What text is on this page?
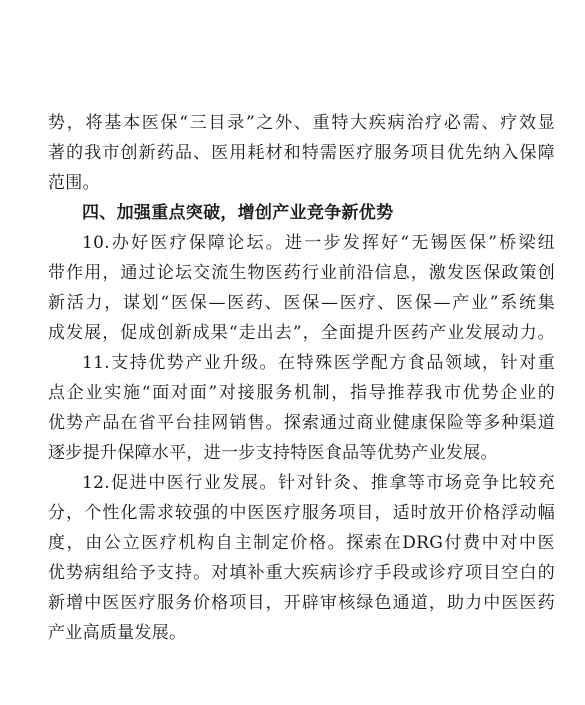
势，将基本医保“三目录”之外、重特大疾病治疗必需、疗效显
著的我市创新药品、医用耗材和特需医疗服务项目优先纳入保障
范围。
四、加强重点突破，增创产业竞争新优势
10.办好医疗保障论坛。进一步发挥好“无锡医保”桥梁纽
带作用，通过论坛交流生物医药行业前沿信息，激发医保政策创
新活力，谋划“医保—医药、医保—医疗、医保—产业”系统集
成发展，促成创新成果“走出去”，全面提升医药产业发展动力。
11.支持优势产业升级。在特殊医学配方食品领域，针对重
点企业实施“面对面”对接服务机制，指导推荐我市优势企业的
优势产品在省平台挂网销售。探索通过商业健康保险等多种渠道
逐步提升保障水平，进一步支持特医食品等优势产业发展。
12.促进中医行业发展。针对针灸、推拿等市场竞争比较充
分，个性化需求较强的中医医疗服务项目，适时放开价格浮动幅
度，由公立医疗机构自主制定价格。探索在DRG付费中对中医
优势病组给予支持。对填补重大疾病诊疗手段或诊疗项目空白的
新增中医医疗服务价格项目，开辟审核绿色通道，助力中医医药
产业高质量发展。
